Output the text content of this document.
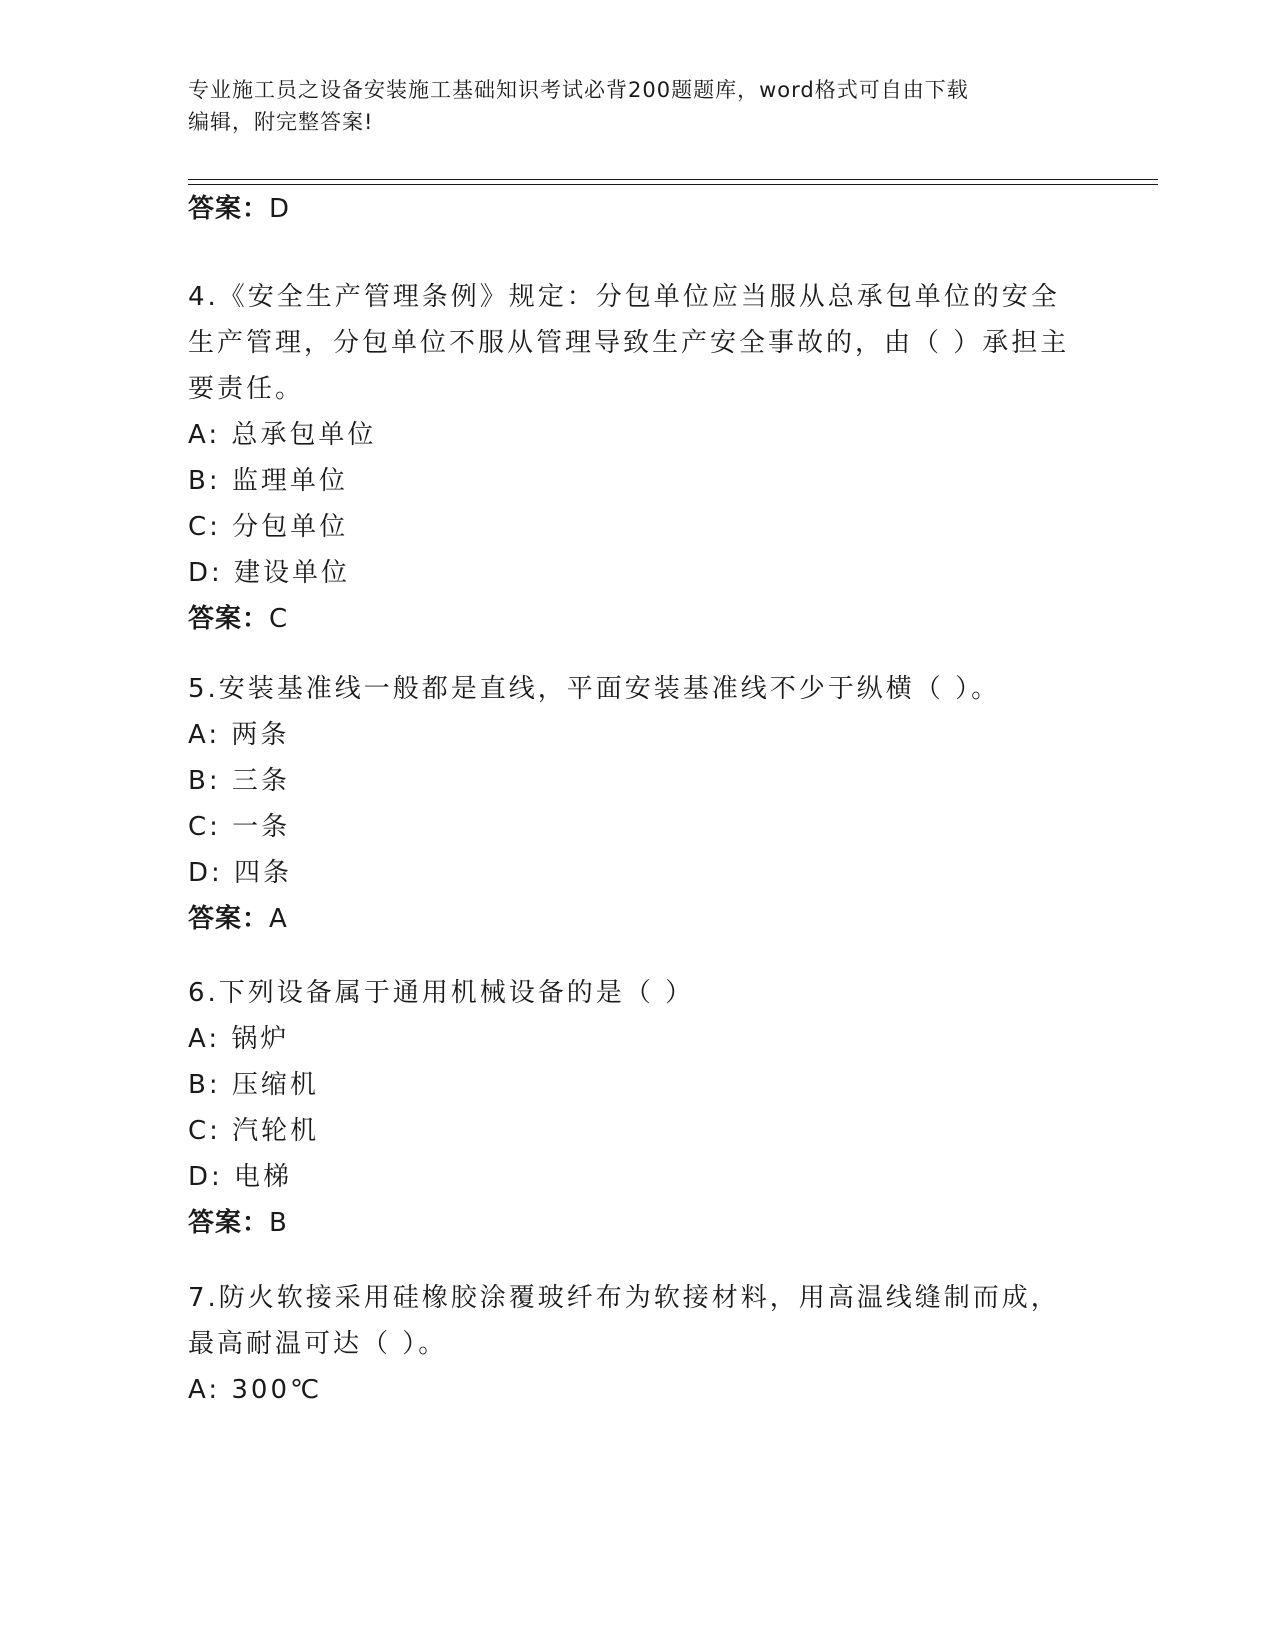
专业施工员之设备安装施工基础知识考试必背200题题库，word格式可自由下载
编辑，附完整答案!

答案：D

4.《安全生产管理条例》规定：分包单位应当服从总承包单位的安全

生产管理，分包单位不服从管理导致生产安全事故的，由（ ）承担主

要责任。

A: 总承包单位

B: 监理单位

C: 分包单位

D: 建设单位

答案：C

5.安装基准线一般都是直线，平面安装基准线不少于纵横（ ）。

A: 两条

B: 三条

C: 一条

D: 四条

答案：A

6.下列设备属于通用机械设备的是（ ）

A: 锅炉

B: 压缩机

C: 汽轮机

D: 电梯

答案：B

7.防火软接采用硅橡胶涂覆玻纤布为软接材料，用高温线缝制而成，

最高耐温可达（ ）。

A: 300℃
